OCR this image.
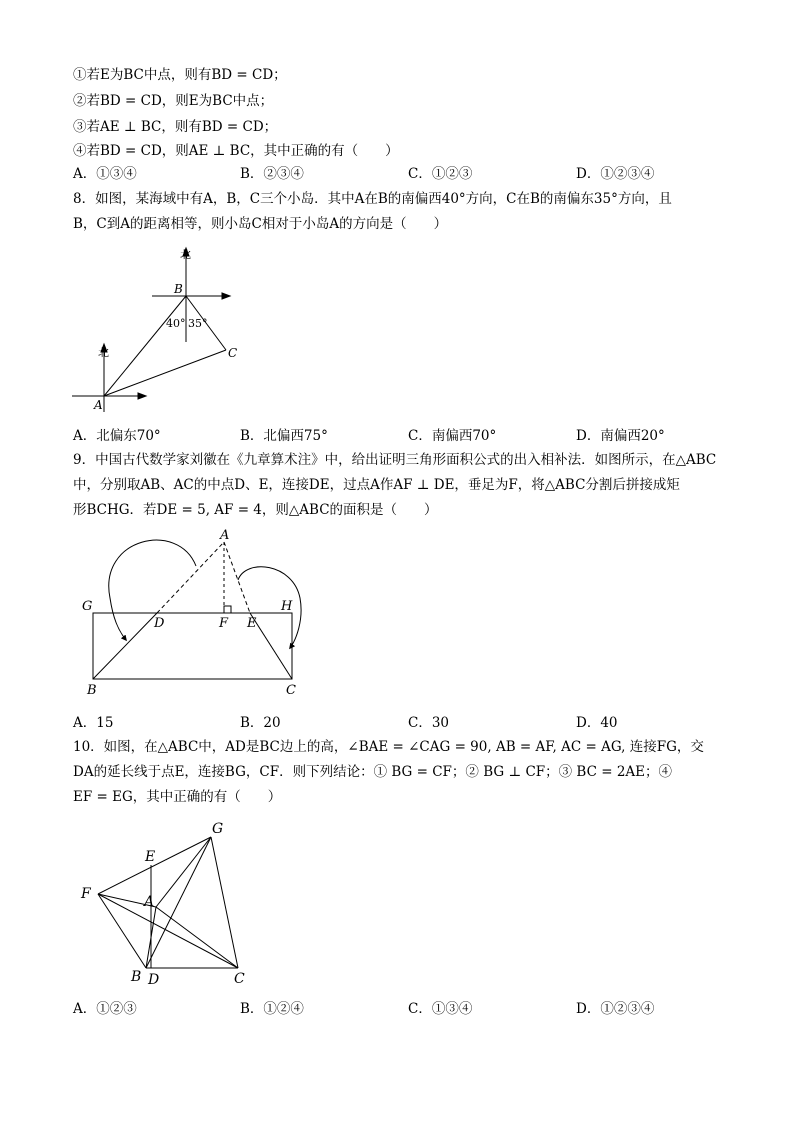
①若E为BC中点，则有BD = CD；
②若BD = CD，则E为BC中点；
③若AE ⊥ BC，则有BD = CD；
④若BD = CD，则AE ⊥ BC，其中正确的有（　　）
A．①③④	B．②③④	C．①②③	D．①②③④
8．如图，某海域中有A，B，C三个小岛．其中A在B的南偏西40°方向，C在B的南偏东35°方向，且
B，C到A的距离相等，则小岛C相对于小岛A的方向是（　　）
北
北
B
A
C
40° 35°
A．北偏东70°	B．北偏西75°	C．南偏西70°	D．南偏西20°
9．中国古代数学家刘徽在《九章算术注》中，给出证明三角形面积公式的出入相补法．如图所示，在△ABC
中，分别取AB、AC的中点D、E，连接DE，过点A作AF ⊥ DE，垂足为F，将△ABC分割后拼接成矩
形BCHG．若DE = 5, AF = 4，则△ABC的面积是（　　）
A
G
D	F E
H
B	C
A．15	B．20	C．30	D．40
10．如图，在△ABC中，AD是BC边上的高，∠BAE = ∠CAG = 90, AB = AF, AC = AG, 连接FG，交
DA的延长线于点E，连接BG，CF．则下列结论：① BG = CF；② BG ⊥ CF；③ BC = 2AE；④
EF = EG，其中正确的有（　　）
G
E
F	A
B D	C
A．①②③	B．①②④	C．①③④	D．①②③④
